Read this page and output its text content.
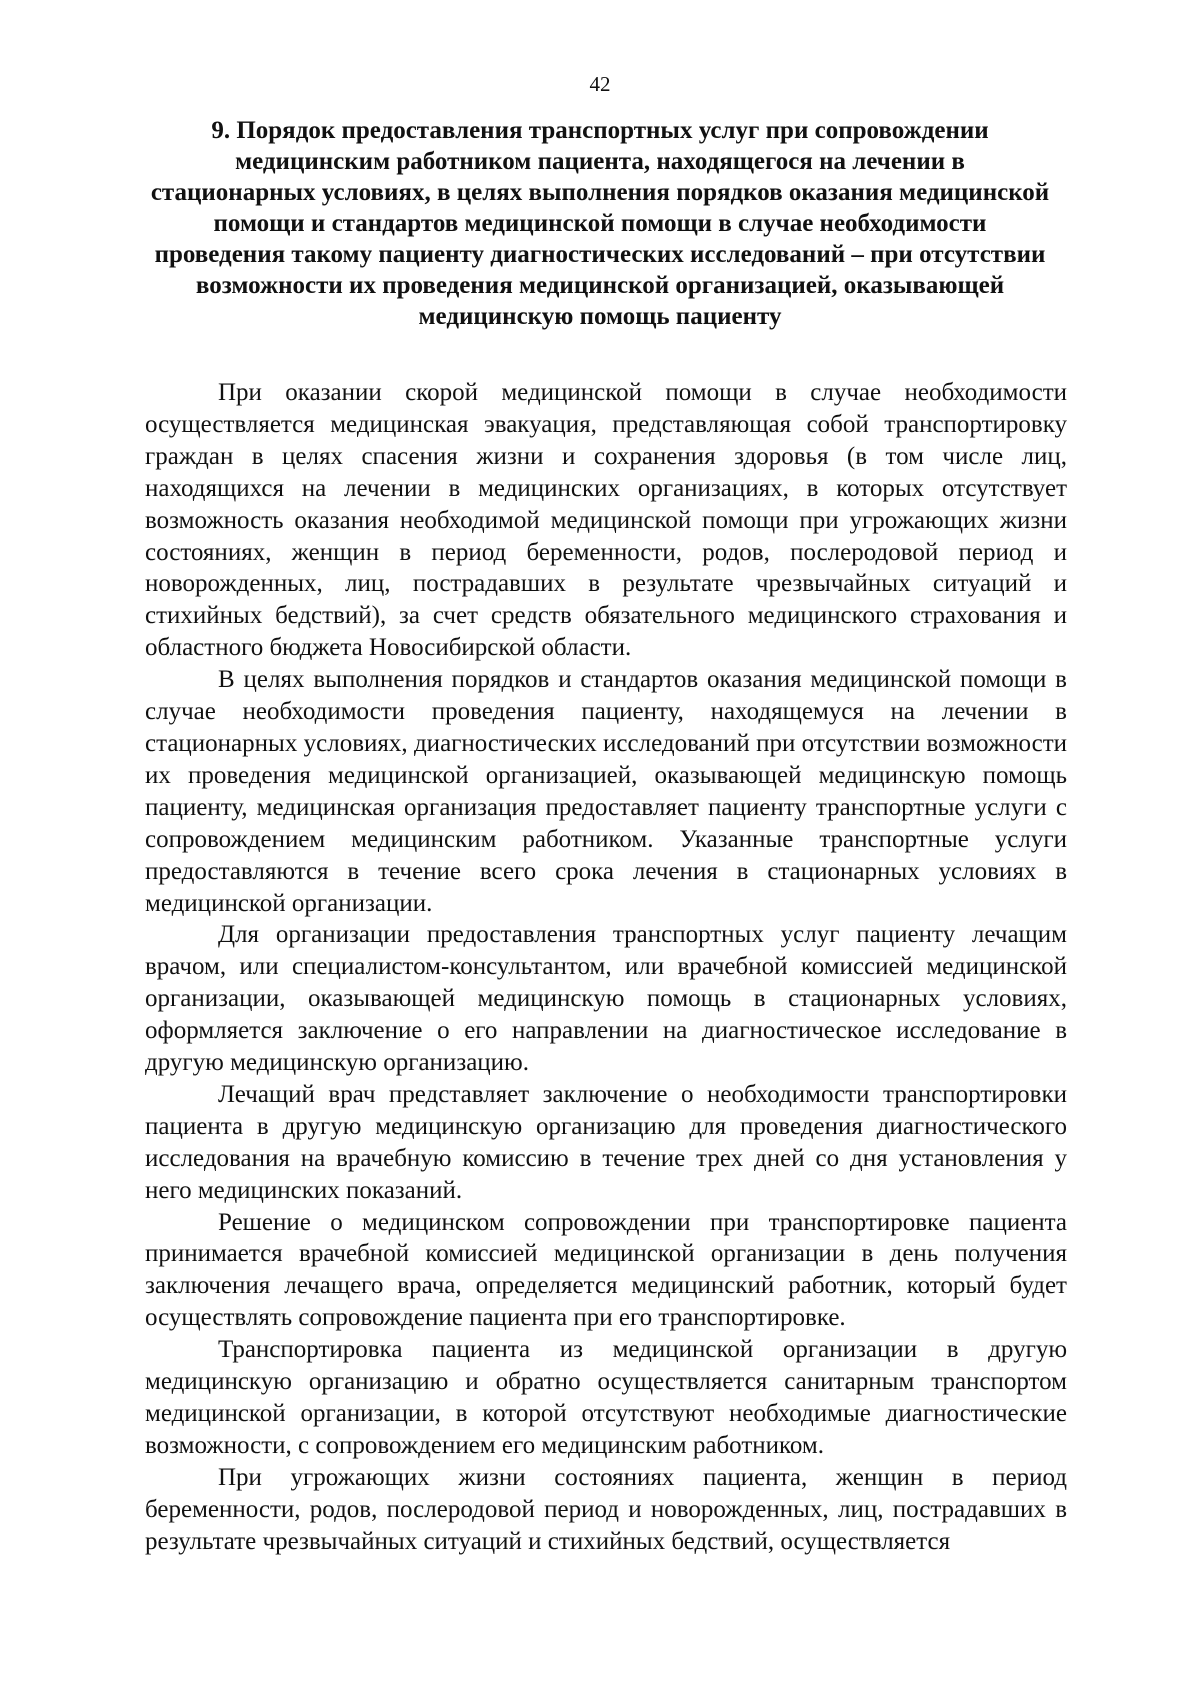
42
9. Порядок предоставления транспортных услуг при сопровождении медицинским работником пациента, находящегося на лечении в стационарных условиях, в целях выполнения порядков оказания медицинской помощи и стандартов медицинской помощи в случае необходимости проведения такому пациенту диагностических исследований – при отсутствии возможности их проведения медицинской организацией, оказывающей медицинскую помощь пациенту

При оказании скорой медицинской помощи в случае необходимости осуществляется медицинская эвакуация, представляющая собой транспортировку граждан в целях спасения жизни и сохранения здоровья (в том числе лиц, находящихся на лечении в медицинских организациях, в которых отсутствует возможность оказания необходимой медицинской помощи при угрожающих жизни состояниях, женщин в период беременности, родов, послеродовой период и новорожденных, лиц, пострадавших в результате чрезвычайных ситуаций и стихийных бедствий), за счет средств обязательного медицинского страхования и областного бюджета Новосибирской области.

В целях выполнения порядков и стандартов оказания медицинской помощи в случае необходимости проведения пациенту, находящемуся на лечении в стационарных условиях, диагностических исследований при отсутствии возможности их проведения медицинской организацией, оказывающей медицинскую помощь пациенту, медицинская организация предоставляет пациенту транспортные услуги с сопровождением медицинским работником. Указанные транспортные услуги предоставляются в течение всего срока лечения в стационарных условиях в медицинской организации.

Для организации предоставления транспортных услуг пациенту лечащим врачом, или специалистом-консультантом, или врачебной комиссией медицинской организации, оказывающей медицинскую помощь в стационарных условиях, оформляется заключение о его направлении на диагностическое исследование в другую медицинскую организацию.

Лечащий врач представляет заключение о необходимости транспортировки пациента в другую медицинскую организацию для проведения диагностического исследования на врачебную комиссию в течение трех дней со дня установления у него медицинских показаний.

Решение о медицинском сопровождении при транспортировке пациента принимается врачебной комиссией медицинской организации в день получения заключения лечащего врача, определяется медицинский работник, который будет осуществлять сопровождение пациента при его транспортировке.

Транспортировка пациента из медицинской организации в другую медицинскую организацию и обратно осуществляется санитарным транспортом медицинской организации, в которой отсутствуют необходимые диагностические возможности, с сопровождением его медицинским работником.

При угрожающих жизни состояниях пациента, женщин в период беременности, родов, послеродовой период и новорожденных, лиц, пострадавших в результате чрезвычайных ситуаций и стихийных бедствий, осуществляется
